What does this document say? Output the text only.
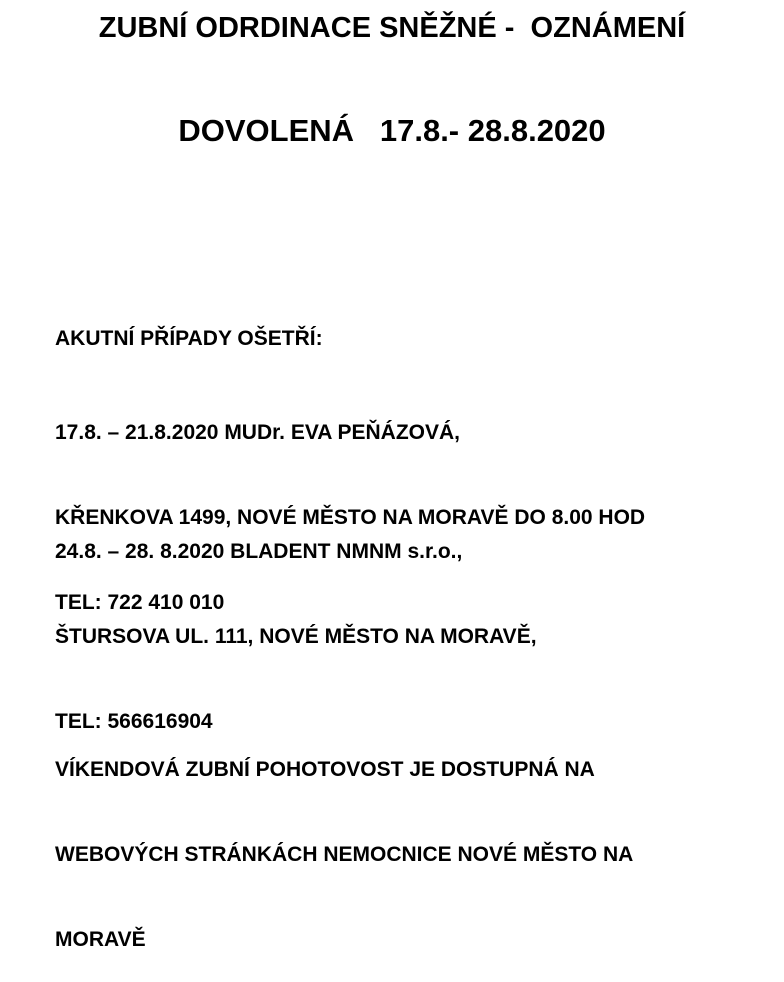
ZUBNÍ ODRDINACE SNĚŽNÉ -  OZNÁMENÍ
DOVOLENÁ   17.8.- 28.8.2020

AKUTNÍ PŘÍPADY OŠETŘÍ:

17.8. – 21.8.2020 MUDr. EVA PEŇÁZOVÁ,

KŘENKOVA 1499, NOVÉ MĚSTO NA MORAVĚ DO 8.00 HOD

TEL: 722 410 010

24.8. – 28. 8.2020 BLADENT NMNM s.r.o.,

ŠTURSOVA UL. 111, NOVÉ MĚSTO NA MORAVĚ,

TEL: 566616904

VÍKENDOVÁ ZUBNÍ POHOTOVOST JE DOSTUPNÁ NA

WEBOVÝCH STRÁNKÁCH NEMOCNICE NOVÉ MĚSTO NA

MORAVĚ
